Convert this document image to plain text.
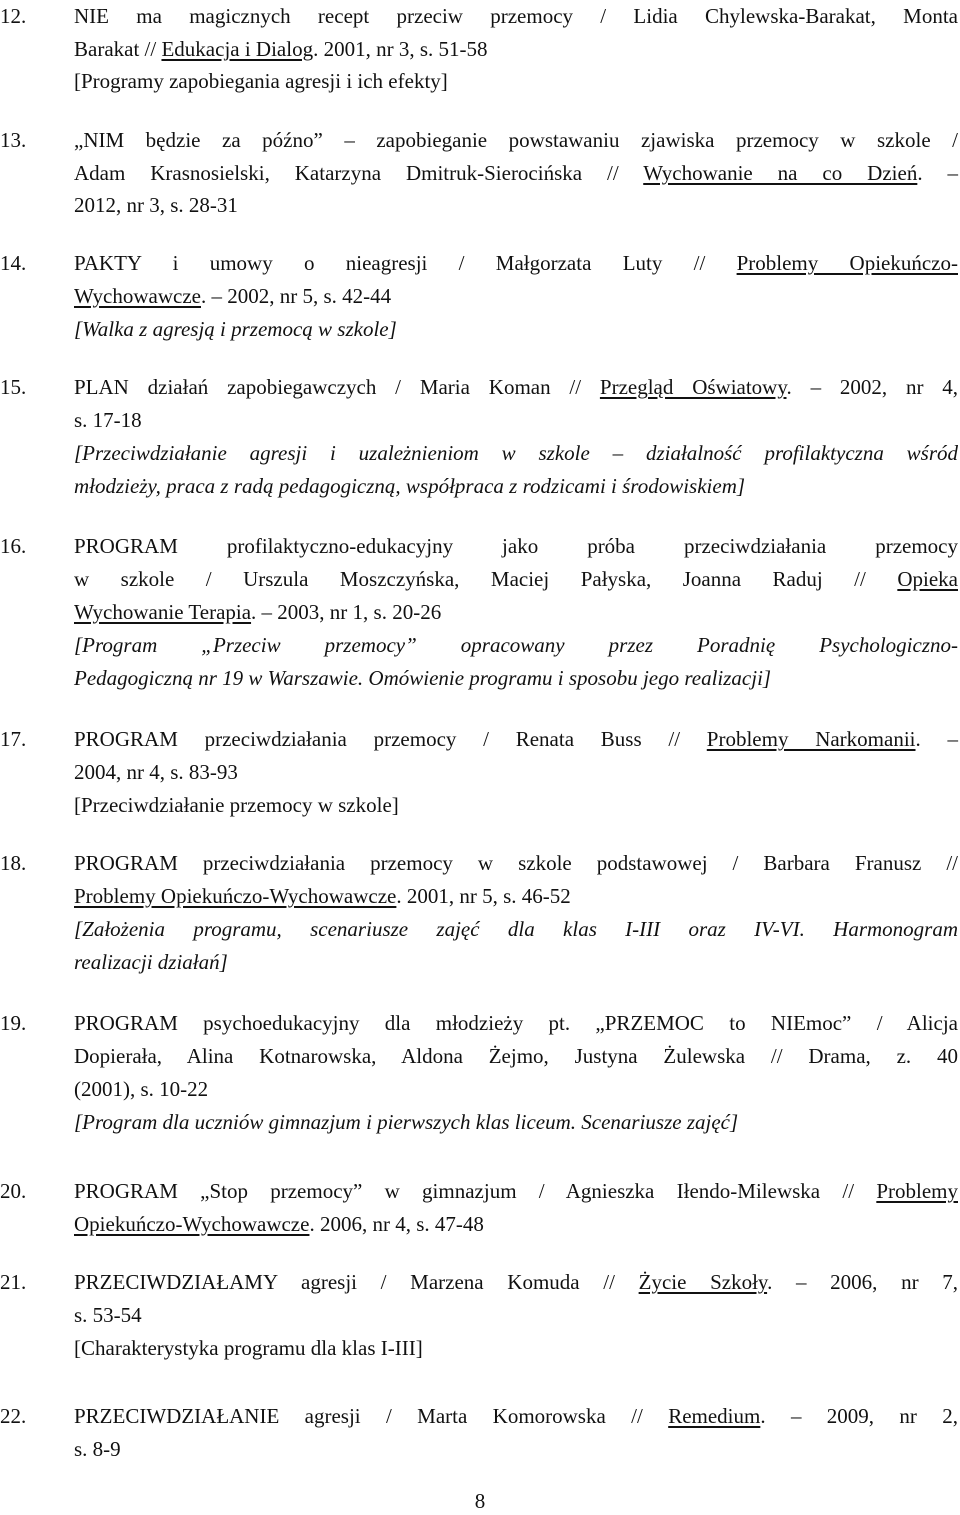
12. NIE ma magicznych recept przeciw przemocy / Lidia Chylewska-Barakat, Monta
Barakat // Edukacja i Dialog. 2001, nr 3, s. 51-58
[Programy zapobiegania agresji i ich efekty]
13. „NIM będzie za późno” – zapobieganie powstawaniu zjawiska przemocy w szkole /
Adam Krasnosielski, Katarzyna Dmitruk-Sierocińska // Wychowanie na co Dzień. –
2012, nr 3, s. 28-31
14. PAKTY i umowy o nieagresji / Małgorzata Luty // Problemy Opiekuńczo-
Wychowawcze. – 2002, nr 5, s. 42-44
[Walka z agresją i przemocą w szkole]
15. PLAN działań zapobiegawczych / Maria Koman // Przegląd Oświatowy. – 2002, nr 4,
s. 17-18
[Przeciwdziałanie agresji i uzależnieniom w szkole – działalność profilaktyczna wśród
młodzieży, praca z radą pedagogiczną, współpraca z rodzicami i środowiskiem]
16. PROGRAM profilaktyczno-edukacyjny jako próba przeciwdziałania przemocy
w szkole / Urszula Moszczyńska, Maciej Pałyska, Joanna Raduj // Opieka
Wychowanie Terapia. – 2003, nr 1, s. 20-26
[Program „Przeciw przemocy” opracowany przez Poradnię Psychologiczno-
Pedagogiczną nr 19 w Warszawie. Omówienie programu i sposobu jego realizacji]
17. PROGRAM przeciwdziałania przemocy / Renata Buss // Problemy Narkomanii. –
2004, nr 4, s. 83-93
[Przeciwdziałanie przemocy w szkole]
18. PROGRAM przeciwdziałania przemocy w szkole podstawowej / Barbara Franusz //
Problemy Opiekuńczo-Wychowawcze. 2001, nr 5, s. 46-52
[Założenia programu, scenariusze zajęć dla klas I-III oraz IV-VI. Harmonogram
realizacji działań]
19. PROGRAM psychoedukacyjny dla młodzieży pt. „PRZEMOC to NIEmoc” / Alicja
Dopierała, Alina Kotnarowska, Aldona Żejmo, Justyna Żulewska // Drama, z. 40
(2001), s. 10-22
[Program dla uczniów gimnazjum i pierwszych klas liceum. Scenariusze zajęć]
20. PROGRAM „Stop przemocy” w gimnazjum / Agnieszka Iłendo-Milewska // Problemy
Opiekuńczo-Wychowawcze. 2006, nr 4, s. 47-48
21. PRZECIWDZIAŁAMY agresji / Marzena Komuda // Życie Szkoły. – 2006, nr 7,
s. 53-54
[Charakterystyka programu dla klas I-III]
22. PRZECIWDZIAŁANIE agresji / Marta Komorowska // Remedium. – 2009, nr 2,
s. 8-9
8
